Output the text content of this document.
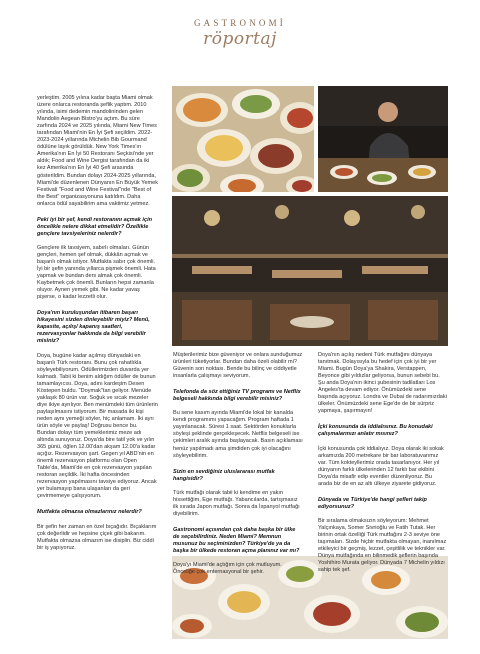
GASTRONOMİ
röportaj

yerleştim. 2005 yılına kadar başta Miami olmak üzere onlarca restoranda şeflik yaptım. 2010 yılında, isimi dedemin mandolininden gelen Mandolin Aegean Bistro'yu açtım. Bu süre zarfında 2024 ve 2025 yılında, Miami New Times tarafından Miami'nin En İyi Şefi seçildim. 2022-2023-2024 yıllarında Michelin Bib Gourmand ödülüne layık görüldük. New York Times'ın Amerika'nın En İyi 50 Restoranı Seçkisi'nde yer aldık; Food and Wine Dergisi tarafından da iki kez Amerika'nın En İyi 40 Şefi arasında gösterildim. Bundan dolayı 2024-2025 yıllarında, Miami'de düzenlenen Dünyanın En Büyük Yemek Festivali "Food and Wine Festival"nde "Best of the Best" organizasyonuna katıldım. Daha onlarca ödül sayabilirim ama vaktimiz yetmez.

Peki iyi bir şef, kendi restoranını açmak için öncelikle nelere dikkat etmelidir? Özellikle gençlere tavsiyeleriniz nelerdir?

Gençlere ilk tavsiyem, sabırlı olmaları. Günün gençleri, hemen şef olmak, dükkân açmak ve başarılı olmak istiyor. Mutfakta sabır çok önemli. İyi bir şefin yanında yıllarca pişmek önemli. Hata yapmak ve bundan ders almak çok önemli. Kaybetmek çok önemli. Bunların hepsi zamanla oluyor. Aynen yemek gibi. Ne kadar yavaş pişerse, o kadar lezzetli olur.

Doya'nın kuruluşundan itibaren başarı hikayesini sizden dinleyebilir miyiz? Menü, kapasite, açılış/ kapanış saatleri, rezervasyonlar hakkında da bilgi verebilir misiniz?

Doya, bugüne kadar açılmış dünyadaki en başarılı Türk restoranı. Bunu çok rahatlıkla söyleyebiliyorum. Ödüllerimizden duvarda yer kalmadı. Tabii ki benim aldığım ödüller de bunun tamamlayıcısı. Doya, adını kardeşim Desen Köstepen buldu. "Doymak"tan geliyor. Menüde yaklaşık 80 ürün var. Soğuk ve sıcak mezeler diye ikiye ayrılıyor. Ben menümdeki tüm ürünlerin paylaşılmasını istiyorum. Bir masada iki kişi neden aynı yemeği söyler, hiç anlamam. İki ayrı ürün söyle ve paylaş! Doğrusu bence bu. Bundan dolayı tüm yemeklerimiz meze adı altında sunuyoruz. Doya'da bire tatil yok ve yılın 365 günü, öğlen 12.00'dan akşam 12.00'a kadar açığız. Rezervasyon şart. Gegen yıl ABD'nin en önemli rezervasyon platformu olan Open Table'da, Miami'de en çok rezervasyon yapılan restoran seçildik. İki hafta öncesinden rezervasyon yapılmasını tavsiye ediyoruz. Ancak yer bulamayıp bana ulaşanları da geri çevirmemeye çalışıyorum.

Mutfakta olmazsa olmazlarınız nelerdir?

Bir şefin her zaman en özel bıçağıdır. Bıçaklarım çok değerlidir ve hepsine çiçek gibi bakarım. Mutfakta olmazsa olmazım ise disiplin. Biz ciddi bir iş yapıyoruz.

Müşterilerimiz bize güveniyor ve onlara sunduğumuz ürünleri tüketiyorlar. Bundan daha özeli olabilir mi? Güvenin son noktası. Bende bu bilinç ve ciddiyetle insanlarla çalışmayı seviyorum.

Telefonda da söz ettiğiniz TV programı ve Netflix belgeseli hakkında bilgi verebilir misiniz?

Bu sene kasım ayında Miami'de lokal bir kanalda kendi programımı yapacağım. Program haftada 1 yayınlanacak. Süresi 1 saat. Sektörden konuklarla söyleşi şeklinde gerçekleşecek. Netflix belgeseli ise çekimleri aralık ayında başlayacak. Basın açıklaması henüz yapılmadı ama şimdiden çok iyi olacağını söyleyebilirim.

Sizin en sevdiğiniz uluslararası mutfak hangisidir?

Türk mutfağı olarak tabii ki kendime en yakın hissettiğim, Ege mutfağı. Yabancılarda, tartışmasız ilk sırada Japon mutfağı. Sonra da İspanyol mutfağı diyebilirim.

Gastronomi açısından çok daha başka bir ülke de seçebilirdiniz. Neden Miami? Memnun musunuz bu seçiminizden? Türkiye'de ya da başka bir ülkede restoran açma planınız var mı?

Doya'yı Miami'de açtığım için çok mutluyum. Önceliğe çok enternasyonal bir şehir.

Doya'nın açılış nedeni Türk mutfağını dünyaya tanıtmak. Dolayısıyla bu hedef için çok iyi bir yer Miami. Bugün Doya'ya Shakira, Verstappen, Beyonce gibi yıldızlar geliyorsa, bunun sebebi bu. Şu anda Doya'nın ikinci şubesinin tadilatları Los Angeles'ta devam ediyor. Önümüzdeki sene başında açıyoruz. Londra ve Dubai de radarımızdaki ülkeler. Önümüzdeki sene Ege'de de bir sürpriz yapmaya, şaşırmayın!

İçki konusunda da iddialısınız. Bu konudaki çalışmalarınızı anlatır mısınız?

İçki konusunda çok iddialıyız. Doya olarak iki sokak arkamızda 200 metrekare bir bar laboratuvarımız var. Tüm kokteyllerimiz orada tasarlanıyor. Her yıl dünyanın farklı ülkelerinden 12 farklı bar ekibini Doya'da misafir edip eventler düzenliyoruz. Bu arada biz de en az altı ülkeye ziyarete gidiyoruz.

Dünyada ve Türkiye'de hangi şefleri takip ediyorsunuz?

Bir sıralama olmaksızın söyleyorum: Mehmet Yalçınkaya, Somer Sivrioğlu ve Fatih Tutak. Her birinin ortak özelliği Türk mutfağını 2-3 seviye öne taşımaları. Sizde hiçbir mutfakta olmayan, inanılmaz etkileyici bir geçmiş, lezzet, çeşitlilik ve teknikler var. Dünya mutfağında en bilinmedik şeflerin başında Yoshihiro Murata geliyor. Dünyada 7 Michelin yıldızı sahip tek şef.
